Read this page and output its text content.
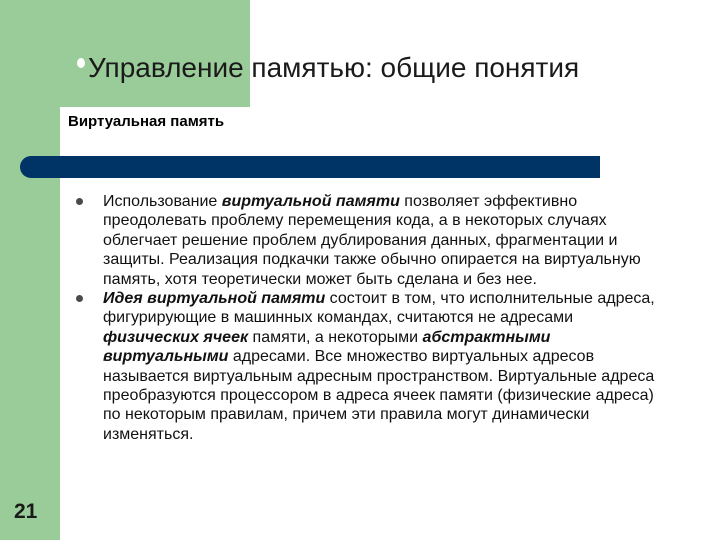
Управление памятью: общие понятия
Виртуальная память

Использование виртуальной памяти позволяет эффективно преодолевать проблему перемещения кода, а в некоторых случаях облегчает решение проблем дублирования данных, фрагментации и защиты. Реализация подкачки также обычно опирается на виртуальную память, хотя теоретически может быть сделана и без нее.

Идея виртуальной памяти состоит в том, что исполнительные адреса, фигурирующие в машинных командах, считаются не адресами физических ячеек памяти, а некоторыми абстрактными виртуальными адресами. Все множество виртуальных адресов называется виртуальным адресным пространством. Виртуальные адреса преобразуются процессором в адреса ячеек памяти (физические адреса) по некоторым правилам, причем эти правила могут динамически изменяться.

21
